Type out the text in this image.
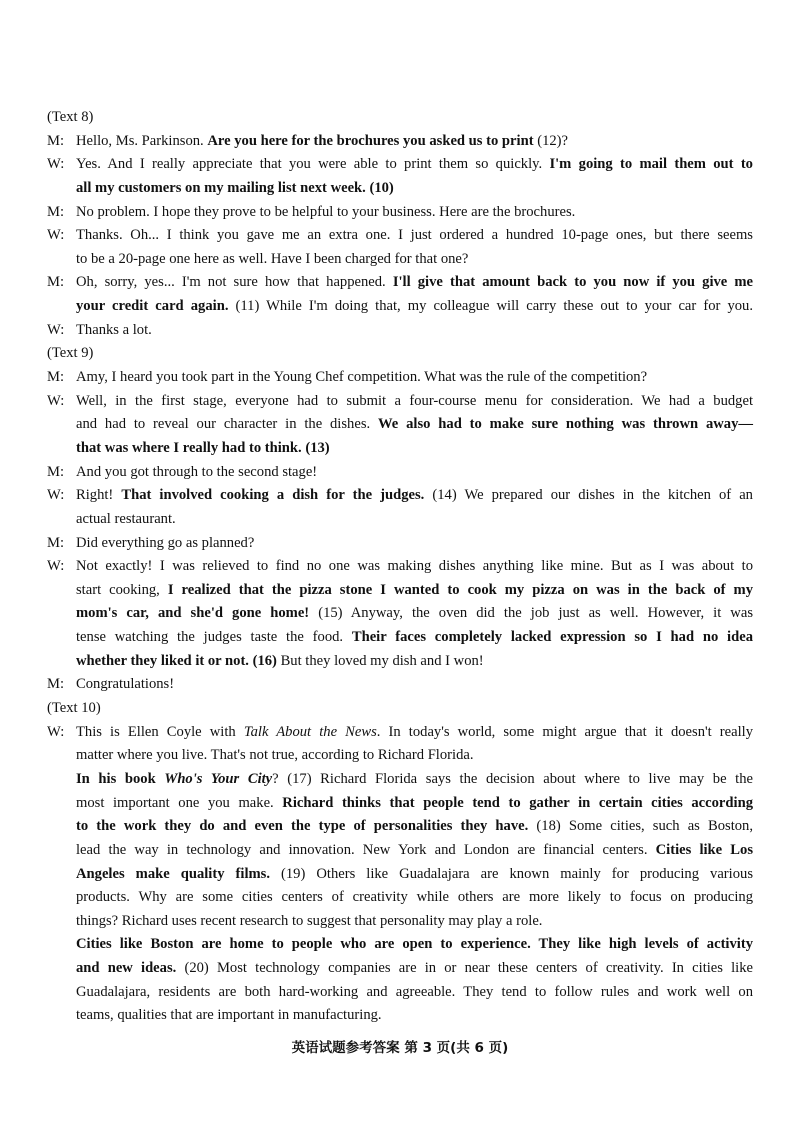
(Text 8)
M: Hello, Ms. Parkinson. Are you here for the brochures you asked us to print (12)?
W: Yes. And I really appreciate that you were able to print them so quickly. I'm going to mail them out to
all my customers on my mailing list next week. (10)
M: No problem. I hope they prove to be helpful to your business. Here are the brochures.
W: Thanks. Oh... I think you gave me an extra one. I just ordered a hundred 10-page ones, but there seems
to be a 20-page one here as well. Have I been charged for that one?
M: Oh, sorry, yes... I'm not sure how that happened. I'll give that amount back to you now if you give me
your credit card again. (11) While I'm doing that, my colleague will carry these out to your car for you.
W: Thanks a lot.
(Text 9)
M: Amy, I heard you took part in the Young Chef competition. What was the rule of the competition?
W: Well, in the first stage, everyone had to submit a four-course menu for consideration. We had a budget
and had to reveal our character in the dishes. We also had to make sure nothing was thrown away—
that was where I really had to think. (13)
M: And you got through to the second stage!
W: Right! That involved cooking a dish for the judges. (14) We prepared our dishes in the kitchen of an
actual restaurant.
M: Did everything go as planned?
W: Not exactly! I was relieved to find no one was making dishes anything like mine. But as I was about to
start cooking, I realized that the pizza stone I wanted to cook my pizza on was in the back of my
mom's car, and she'd gone home! (15) Anyway, the oven did the job just as well. However, it was
tense watching the judges taste the food. Their faces completely lacked expression so I had no idea
whether they liked it or not. (16) But they loved my dish and I won!
M: Congratulations!
(Text 10)
W: This is Ellen Coyle with Talk About the News. In today's world, some might argue that it doesn't really
matter where you live. That's not true, according to Richard Florida.
In his book Who's Your City? (17) Richard Florida says the decision about where to live may be the
most important one you make. Richard thinks that people tend to gather in certain cities according
to the work they do and even the type of personalities they have. (18) Some cities, such as Boston,
lead the way in technology and innovation. New York and London are financial centers. Cities like Los
Angeles make quality films. (19) Others like Guadalajara are known mainly for producing various
products. Why are some cities centers of creativity while others are more likely to focus on producing
things? Richard uses recent research to suggest that personality may play a role.
Cities like Boston are home to people who are open to experience. They like high levels of activity
and new ideas. (20) Most technology companies are in or near these centers of creativity. In cities like
Guadalajara, residents are both hard-working and agreeable. They tend to follow rules and work well on
teams, qualities that are important in manufacturing.
英语试题参考答案 第 3 页(共 6 页)
